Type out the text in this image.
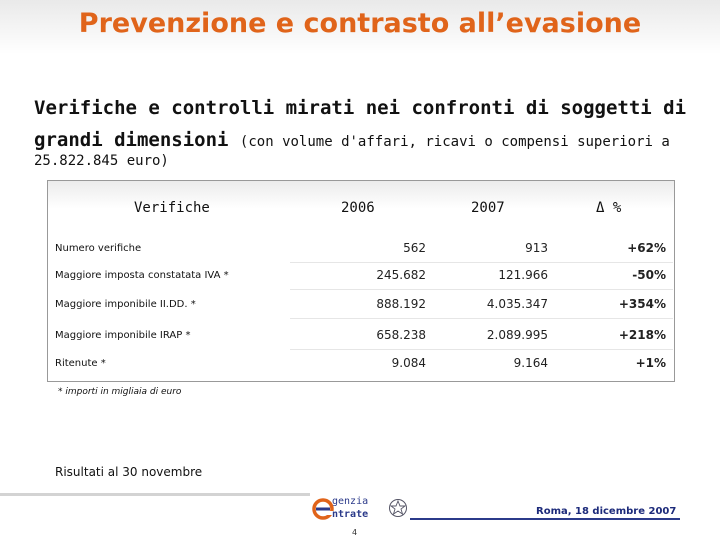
Prevenzione e contrasto all’evasione
Verifiche e controlli mirati nei confronti di soggetti di grandi dimensioni (con volume d'affari, ricavi o compensi superiori a
25.822.845 euro)
Verifiche	2006	2007	Δ %
Numero verifiche	562	913	+62%
Maggiore imposta constatata IVA *	245.682	121.966	-50%
Maggiore imponibile II.DD. *	888.192	4.035.347	+354%
Maggiore imponibile IRAP *	658.238	2.089.995	+218%
Ritenute *	9.084	9.164	+1%
* importi in migliaia di euro
Risultati al 30 novembre
genzia
ntrate	Roma, 18 dicembre 2007
4
